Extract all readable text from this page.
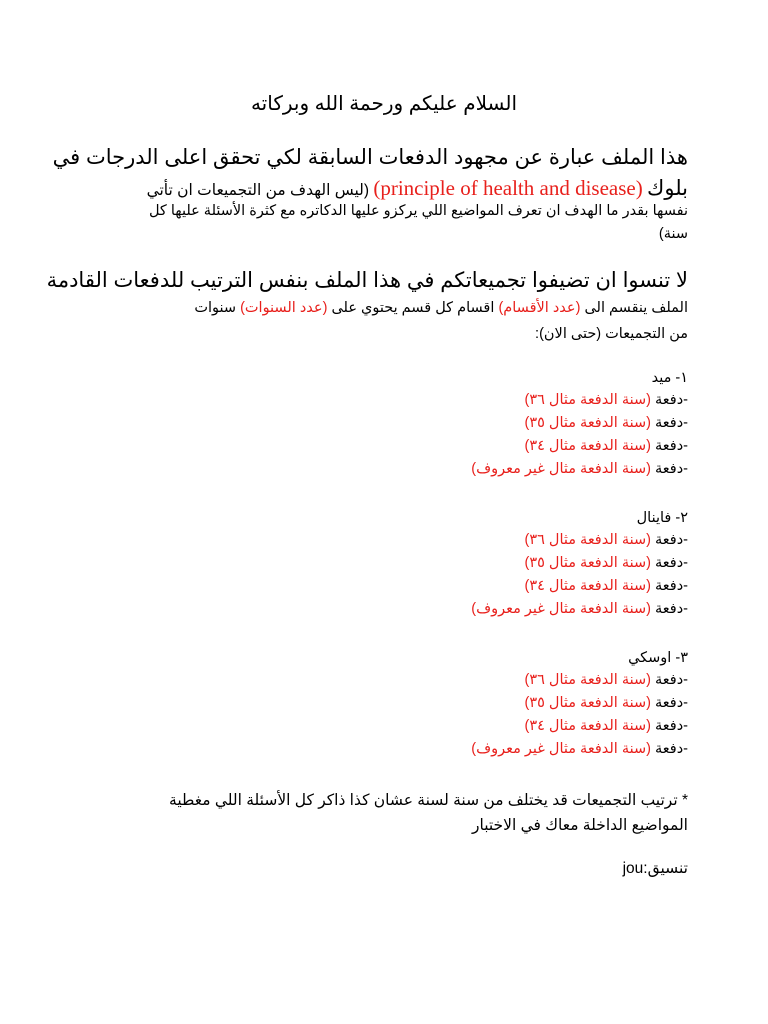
السلام عليكم ورحمة الله وبركاته
هذا الملف عبارة عن مجهود الدفعات السابقة لكي تحقق اعلى الدرجات في
بلوك (principle of health and disease) (ليس الهدف من التجميعات ان تأتي
نفسها بقدر ما الهدف ان تعرف المواضيع اللي يركزو عليها الدكاتره مع كثرة الأسئلة عليها كل
سنة)
لا تنسوا ان تضيفوا تجميعاتكم في هذا الملف بنفس الترتيب للدفعات القادمة
الملف ينقسم الى (عدد الأقسام) اقسام كل قسم يحتوي على (عدد السنوات) سنوات
من التجميعات (حتى الان):
١- ميد
-دفعة (سنة الدفعة مثال ٣٦)
-دفعة (سنة الدفعة مثال ٣٥)
-دفعة (سنة الدفعة مثال ٣٤)
-دفعة (سنة الدفعة مثال غير معروف)
٢- فاينال
-دفعة (سنة الدفعة مثال ٣٦)
-دفعة (سنة الدفعة مثال ٣٥)
-دفعة (سنة الدفعة مثال ٣٤)
-دفعة (سنة الدفعة مثال غير معروف)
٣- اوسكي
-دفعة (سنة الدفعة مثال ٣٦)
-دفعة (سنة الدفعة مثال ٣٥)
-دفعة (سنة الدفعة مثال ٣٤)
-دفعة (سنة الدفعة مثال غير معروف)
* ترتيب التجميعات قد يختلف من سنة لسنة عشان كذا ذاكر كل الأسئلة اللي مغطية
المواضيع الداخلة معاك في الاختبار
تنسيق:jou
